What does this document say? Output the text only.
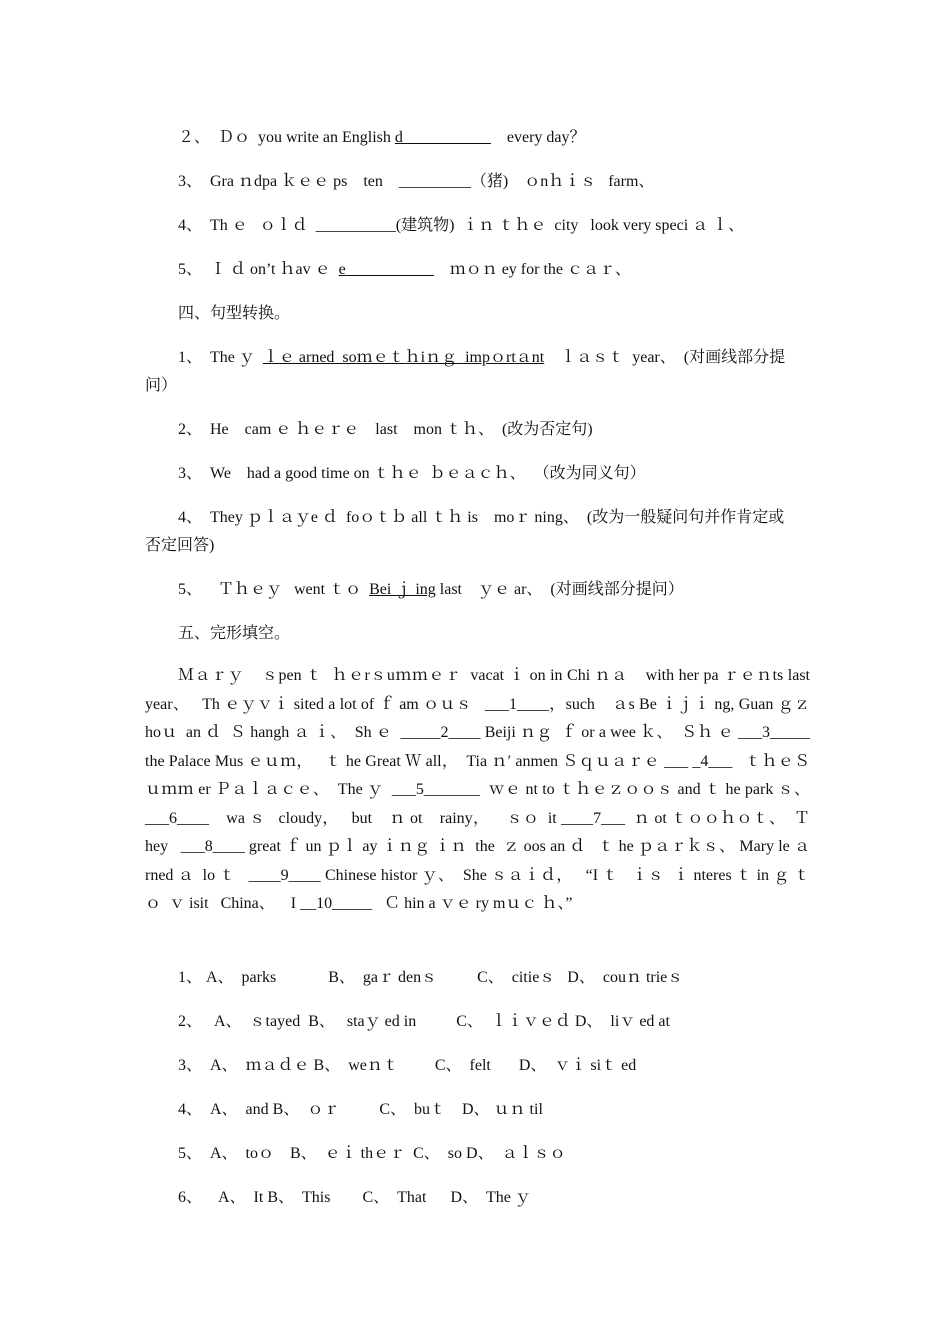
２、  Ｄｏ  you write an English d___________    every day？
3、  Gra ｎdpa ｋｅｅ ps    ten    _________（猪)    ｏnｈｉｓ   farm、
4、  Th ｅ   ｏｌｄ  __________(建筑物)  ｉｎ ｔｈｅ  city   look very speci ａ ｌ、
5、  Ｉ ｄ on’t ｈav ｅ  e___________    ｍｏｎ ey for the ｃａｒ、
四、句型转换。
1、  The ｙ  ｌｅ arned  soｍｅｔｈiｎｇ  impｏrtａnt    ｌａｓｔ  year、  (对画线部分提
问）
2、  He    cam ｅ ｈｅｒｅ    last    mon ｔｈ、  (改为否定句)
3、  We    had a good time on ｔｈｅ  ｂｅａｃｈ、  （改为同义句）
4、  They ｐｌａｙe ｄ  foｏｔｂ all ｔｈ is    moｒ ning、  (改为一般疑问句并作肯定或
否定回答)
5、    Ｔｈｅｙ   went ｔｏ  Bei ｊ ing last    ｙｅ ar、  (对画线部分提问）
五、完形填空。
Ｍａｒｙ    ｓpen ｔ  ｈｅrｓuｍｍｅｒ  vacat ｉ on in Chi ｎａ    with her pa ｒｅｎts last year、   Th ｅｙｖｉ sited a lot of ｆ am ｏｕｓ   ___1____，such    ａs Be ｉｊｉ ng, Guan ｇｚhoｕ  an ｄ  Ｓ hangh ａ ｉ、  Sh ｅ  _____2____ Beiji ｎｇ  ｆ or a wee ｋ、  Ｓｈ ｅ ___3_____ the Palace Mus ｅｕｍ，   ｔ he Great Ｗ all，  Tia ｎ′ anmen Ｓｑｕａｒｅ ___ _4___   ｔｈｅＳｕｍｍ er Ｐａｌａｃｅ、  The ｙ  ___5_______  ｗｅ nt to ｔｈｅｚｏｏｓ and ｔ he park ｓ、  ___6____    wa ｓ   cloudy，   but    ｎ ot    rainy，    ｓｏ  it ____7___  ｎ ot ｔｏｏｈｏｔ、  Ｔ hey   ___8____ great ｆ un ｐｌ ay ｉｎｇ ｉｎ  the  ｚ oos an ｄ   ｔ he ｐａｒｋｓ、 Mary le ａ rned ａ  lo ｔ   ____9____ Chinese histor ｙ、  She ｓａｉｄ，   “I ｔ   ｉｓ  ｉ nteres ｔ in ｇ ｔｏ  ｖ isit   China、    I __10_____   Ｃ hin a ｖｅ ry mｕｃ ｈ、”
1、 A、  parks             B、  gaｒ denｓ          C、  citieｓ   D、  couｎ trieｓ
2、   A、  ｓtayed  B、   staｙ ed in          C、  ｌｉｖｅｄ D、  liｖ ed at
3、  A、  ｍａｄｅ B、  weｎｔ         C、  felt       D、  ｖｉ siｔ ed
4、  A、  and B、  ｏｒ          C、  buｔ    D、 ｕｎ til
5、  A、  toｏ    B、  ｅｉ thｅｒ  C、  so D、  ａｌｓｏ
6、    A、  It B、  This        C、  That      D、  The ｙ
